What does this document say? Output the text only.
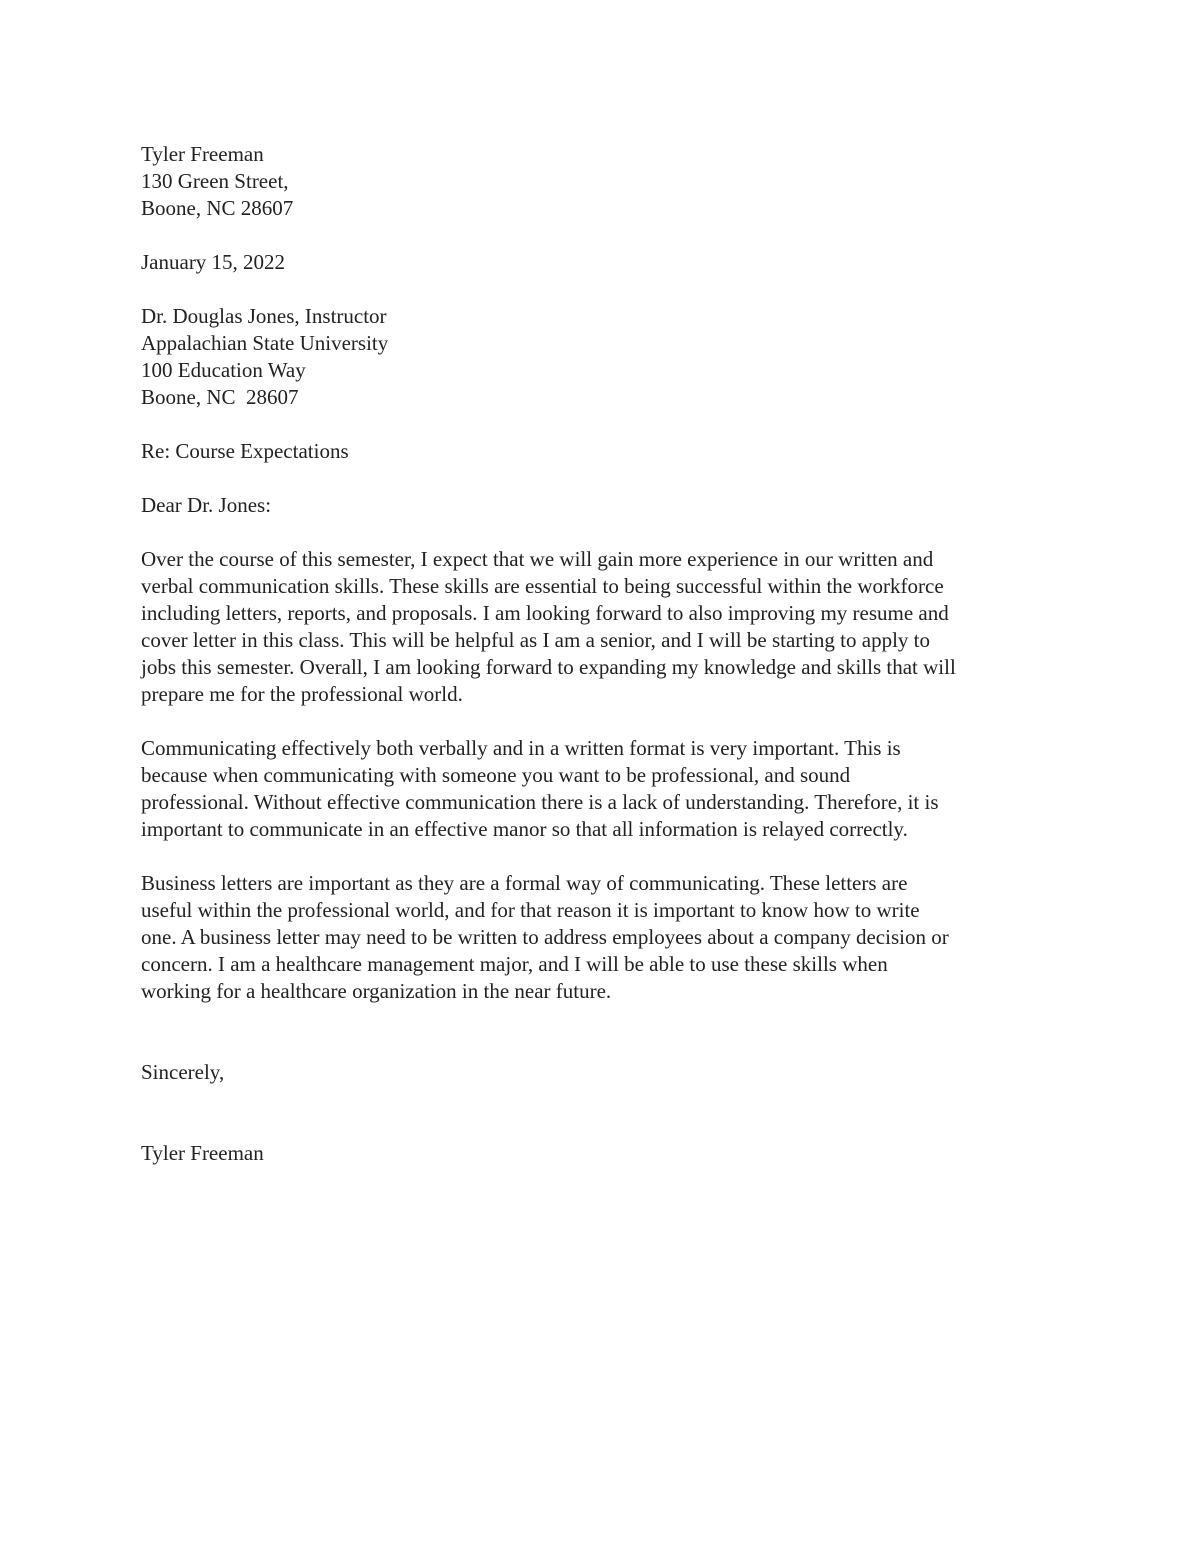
Tyler Freeman
130 Green Street,
Boone, NC 28607
January 15, 2022
Dr. Douglas Jones, Instructor
Appalachian State University
100 Education Way
Boone, NC  28607
Re: Course Expectations
Dear Dr. Jones:
Over the course of this semester, I expect that we will gain more experience in our written and
verbal communication skills. These skills are essential to being successful within the workforce
including letters, reports, and proposals. I am looking forward to also improving my resume and
cover letter in this class. This will be helpful as I am a senior, and I will be starting to apply to
jobs this semester. Overall, I am looking forward to expanding my knowledge and skills that will
prepare me for the professional world.
Communicating effectively both verbally and in a written format is very important. This is
because when communicating with someone you want to be professional, and sound
professional. Without effective communication there is a lack of understanding. Therefore, it is
important to communicate in an effective manor so that all information is relayed correctly.
Business letters are important as they are a formal way of communicating. These letters are
useful within the professional world, and for that reason it is important to know how to write
one. A business letter may need to be written to address employees about a company decision or
concern. I am a healthcare management major, and I will be able to use these skills when
working for a healthcare organization in the near future.
Sincerely,
Tyler Freeman
